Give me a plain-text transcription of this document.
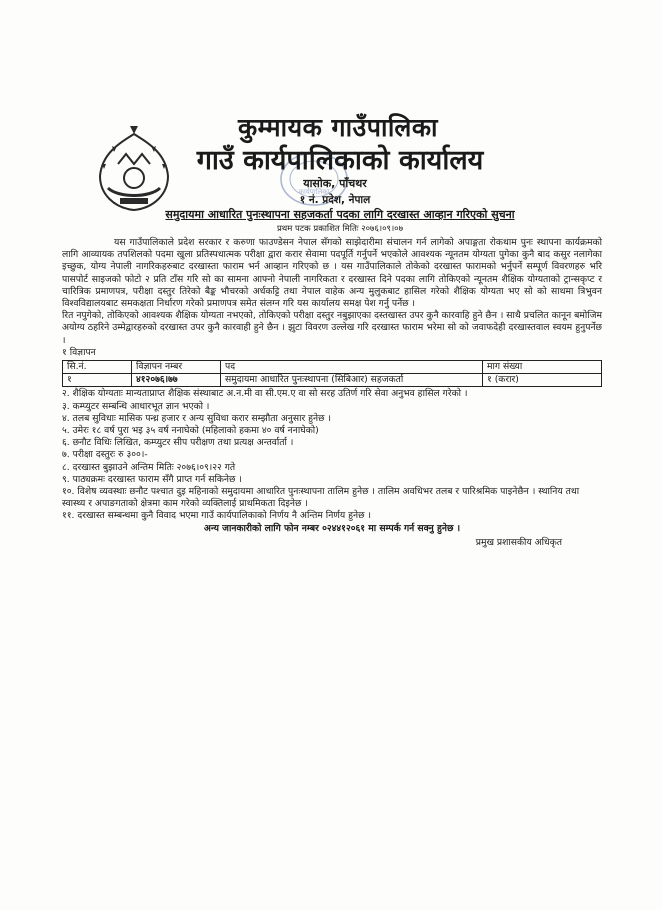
कार्यपालिका
कुम्मायक गाउँपालिका
गाउँ कार्यपालिकाको कार्यालय
यासोक, पाँचथर
१ नं. प्रदेश, नेपाल
समुदायमा आधारित पुनःस्थापना सहजकर्ता पदका लागि दरखास्त आव्हान गरिएको सुचना
प्रथम पटक प्रकाशित मितिः २०७६।०९।०७

यस गाउँपालिकाले प्रदेश सरकार र करुणा फाउण्डेसन नेपाल सँगको साझेदारीमा संचालन गर्न लागेको अपाङ्गता रोकथाम पुनः स्थापना कार्यक्रमको लागि आव्यायक तपशिलको पदमा खुला प्रतिस्पधात्मक परीक्षा द्वारा करार सेवामा पदपूर्ति गर्नुपर्ने भएकोले आवश्यक न्यूनतम योग्यता पुगेका कुनै बाद कसुर नलागेका इच्छुक, योग्य नेपाली नागरिकहरुबाट दरखास्ता फाराम भर्न आव्हान गरिएको छ । यस गाउँपालिकाले तोकेको दरखास्त फारामको भर्नुपर्ने सम्पूर्ण विवरणहरु भरि पासपोर्ट साइजको फोटो २ प्रति टाँस गरि सो का सामना आफ्नो नेपाली नागरिकता र दरखास्त दिने पदका लागि तोकिएको न्यूनतम शैक्षिक योग्यताको ट्रान्सकृप्ट र चारित्रिक प्रमाणपत्र, परीक्षा दस्तुर तिरेको बैङ्क भौचरको अर्धकट्टि तथा नेपाल वाहेक अन्य मुलुकबाट हासिल गरेको शैक्षिक योग्यता भए सो को साथमा त्रिभुवन विश्वविद्यालयबाट समकक्षता निर्धारण गरेको प्रमाणपत्र समेत संलग्न गरि यस कार्यालय समक्ष पेश गर्नु पर्नेछ ।

रित नपुगेको, तोकिएको आवश्यक शैक्षिक योग्यता नभएको, तोकिएको परीक्षा दस्तुर नबुझाएका दस्तखास्त उपर कुनै कारवाहि हुने छैन । साथै प्रचलित कानून बमोजिम अयोग्य ठहरिने उम्मेद्वारहरुको दरखास्त उपर कुनै कारवाही हुने छैन । झुटा विवरण उल्लेख गरि दरखास्त फाराम भरेमा सो को जवाफदेही दरखास्तवाल स्वयम हुनुपर्नेछ ।

१ विज्ञापन

सि.नं.	विज्ञापन नम्बर	पद	माग संख्या
१	४१२०७६।७७	समुदायमा आधारित पुनःस्थापना (सिबिआर) सहजकर्ता	१ (करार)

२. शैक्षिक योग्यताः मान्यताप्राप्त शैक्षिक संस्थाबाट अ.न.मी वा सी.एम.ए वा सो सरह उतिर्ण गरि सेवा अनुभव हासिल गरेको ।

३. कम्प्युटर सम्बन्धि आधारभूत ज्ञान भएको ।

४. तलब सुविधाः मासिक पन्ध्र हजार र अन्य सुविधा करार सम्झौता अनुसार हुनेछ ।

५. उमेरः १८ वर्ष पुरा भइ ३५ वर्ष ननाघेको (महिलाको हकमा ४० वर्ष ननाघेको)

६. छनौट विधिः लिखित, कम्प्युटर सीप परीक्षण तथा प्रत्यक्ष अन्तर्वार्ता ।

७. परीक्षा दस्तुरः रु ३००।-

८. दरखास्त बुझाउने अन्तिम मितिः २०७६।०९।२२ गते

९. पाठ्यक्रमः दरखास्त फाराम सँगै प्राप्त गर्न सकिनेछ ।

१०. विशेष व्यवस्थाः छनौट पश्चात दुइ महिनाको समुदायमा आधारित पुनःस्थापना तालिम हुनेछ । तालिम अवधिभर तलब र पारिश्रमिक पाइनेछैन । स्थानिय तथा स्वास्थ्य र अपाङगताको क्षेत्रमा काम गरेको व्यक्तिलाई प्राथमिकता दिइनेछ ।

११. दरखास्त सम्बन्धमा कुनै विवाद भएमा गाउँ कार्यपालिकाको निर्णय नै अन्तिम निर्णय हुनेछ ।

अन्य जानकारीको लागि फोन नम्बर ०२४४१२०६१ मा सम्पर्क गर्न सक्नु हुनेछ ।

प्रमुख प्रशासकीय अधिकृत
